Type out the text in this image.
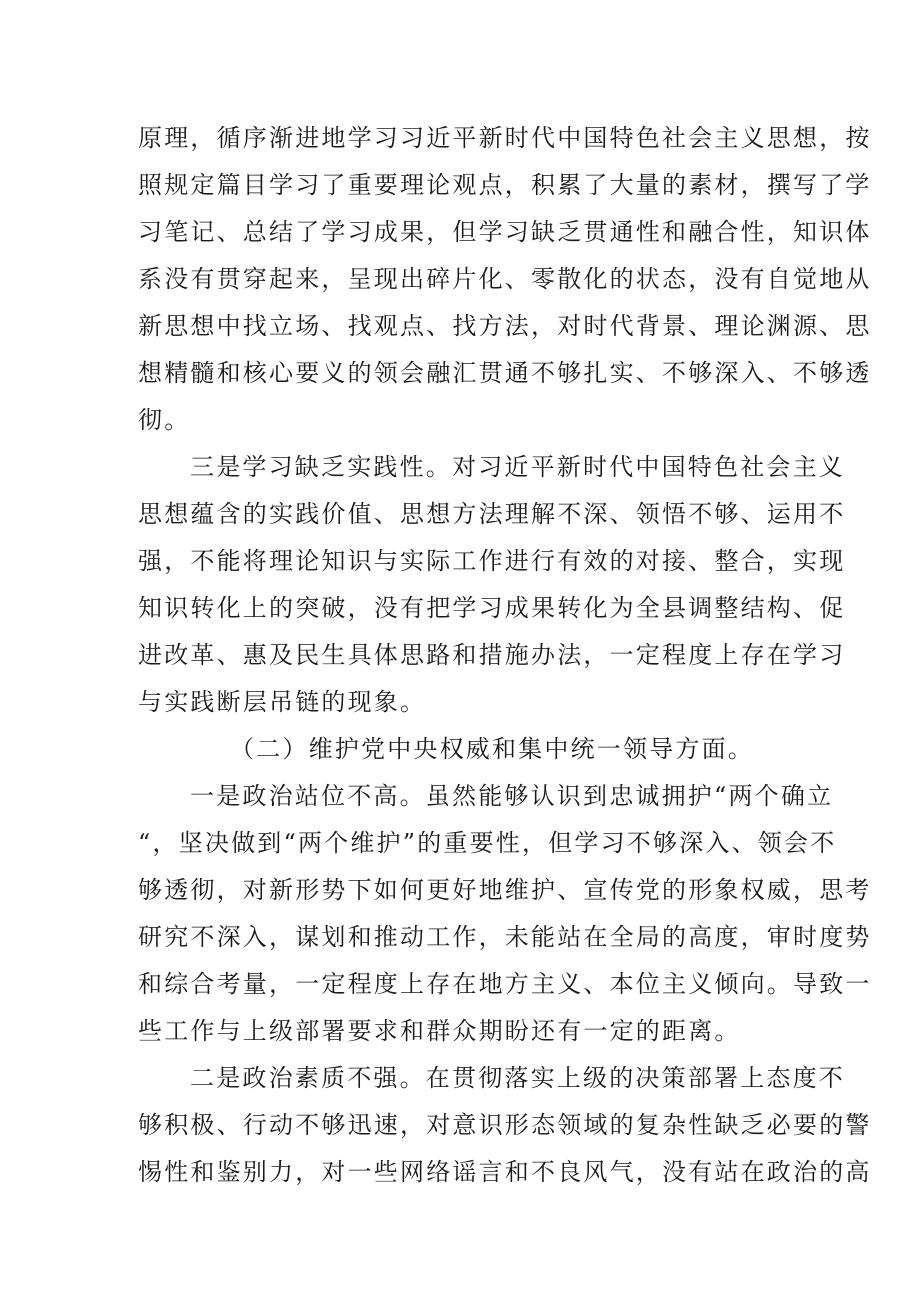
原理，循序渐进地学习习近平新时代中国特色社会主义思想，按
照规定篇目学习了重要理论观点，积累了大量的素材，撰写了学
习笔记、总结了学习成果，但学习缺乏贯通性和融合性，知识体
系没有贯穿起来，呈现出碎片化、零散化的状态，没有自觉地从
新思想中找立场、找观点、找方法，对时代背景、理论渊源、思
想精髓和核心要义的领会融汇贯通不够扎实、不够深入、不够透
彻。
三是学习缺乏实践性。对习近平新时代中国特色社会主义
思想蕴含的实践价值、思想方法理解不深、领悟不够、运用不
强，不能将理论知识与实际工作进行有效的对接、整合，实现
知识转化上的突破，没有把学习成果转化为全县调整结构、促
进改革、惠及民生具体思路和措施办法，一定程度上存在学习
与实践断层吊链的现象。
（二）维护党中央权威和集中统一领导方面。
一是政治站位不高。虽然能够认识到忠诚拥护“两个确立
“，坚决做到“两个维护”的重要性，但学习不够深入、领会不
够透彻，对新形势下如何更好地维护、宣传党的形象权威，思考
研究不深入，谋划和推动工作，未能站在全局的高度，审时度势
和综合考量，一定程度上存在地方主义、本位主义倾向。导致一
些工作与上级部署要求和群众期盼还有一定的距离。
二是政治素质不强。在贯彻落实上级的决策部署上态度不
够积极、行动不够迅速，对意识形态领域的复杂性缺乏必要的警
惕性和鉴别力，对一些网络谣言和不良风气，没有站在政治的高
